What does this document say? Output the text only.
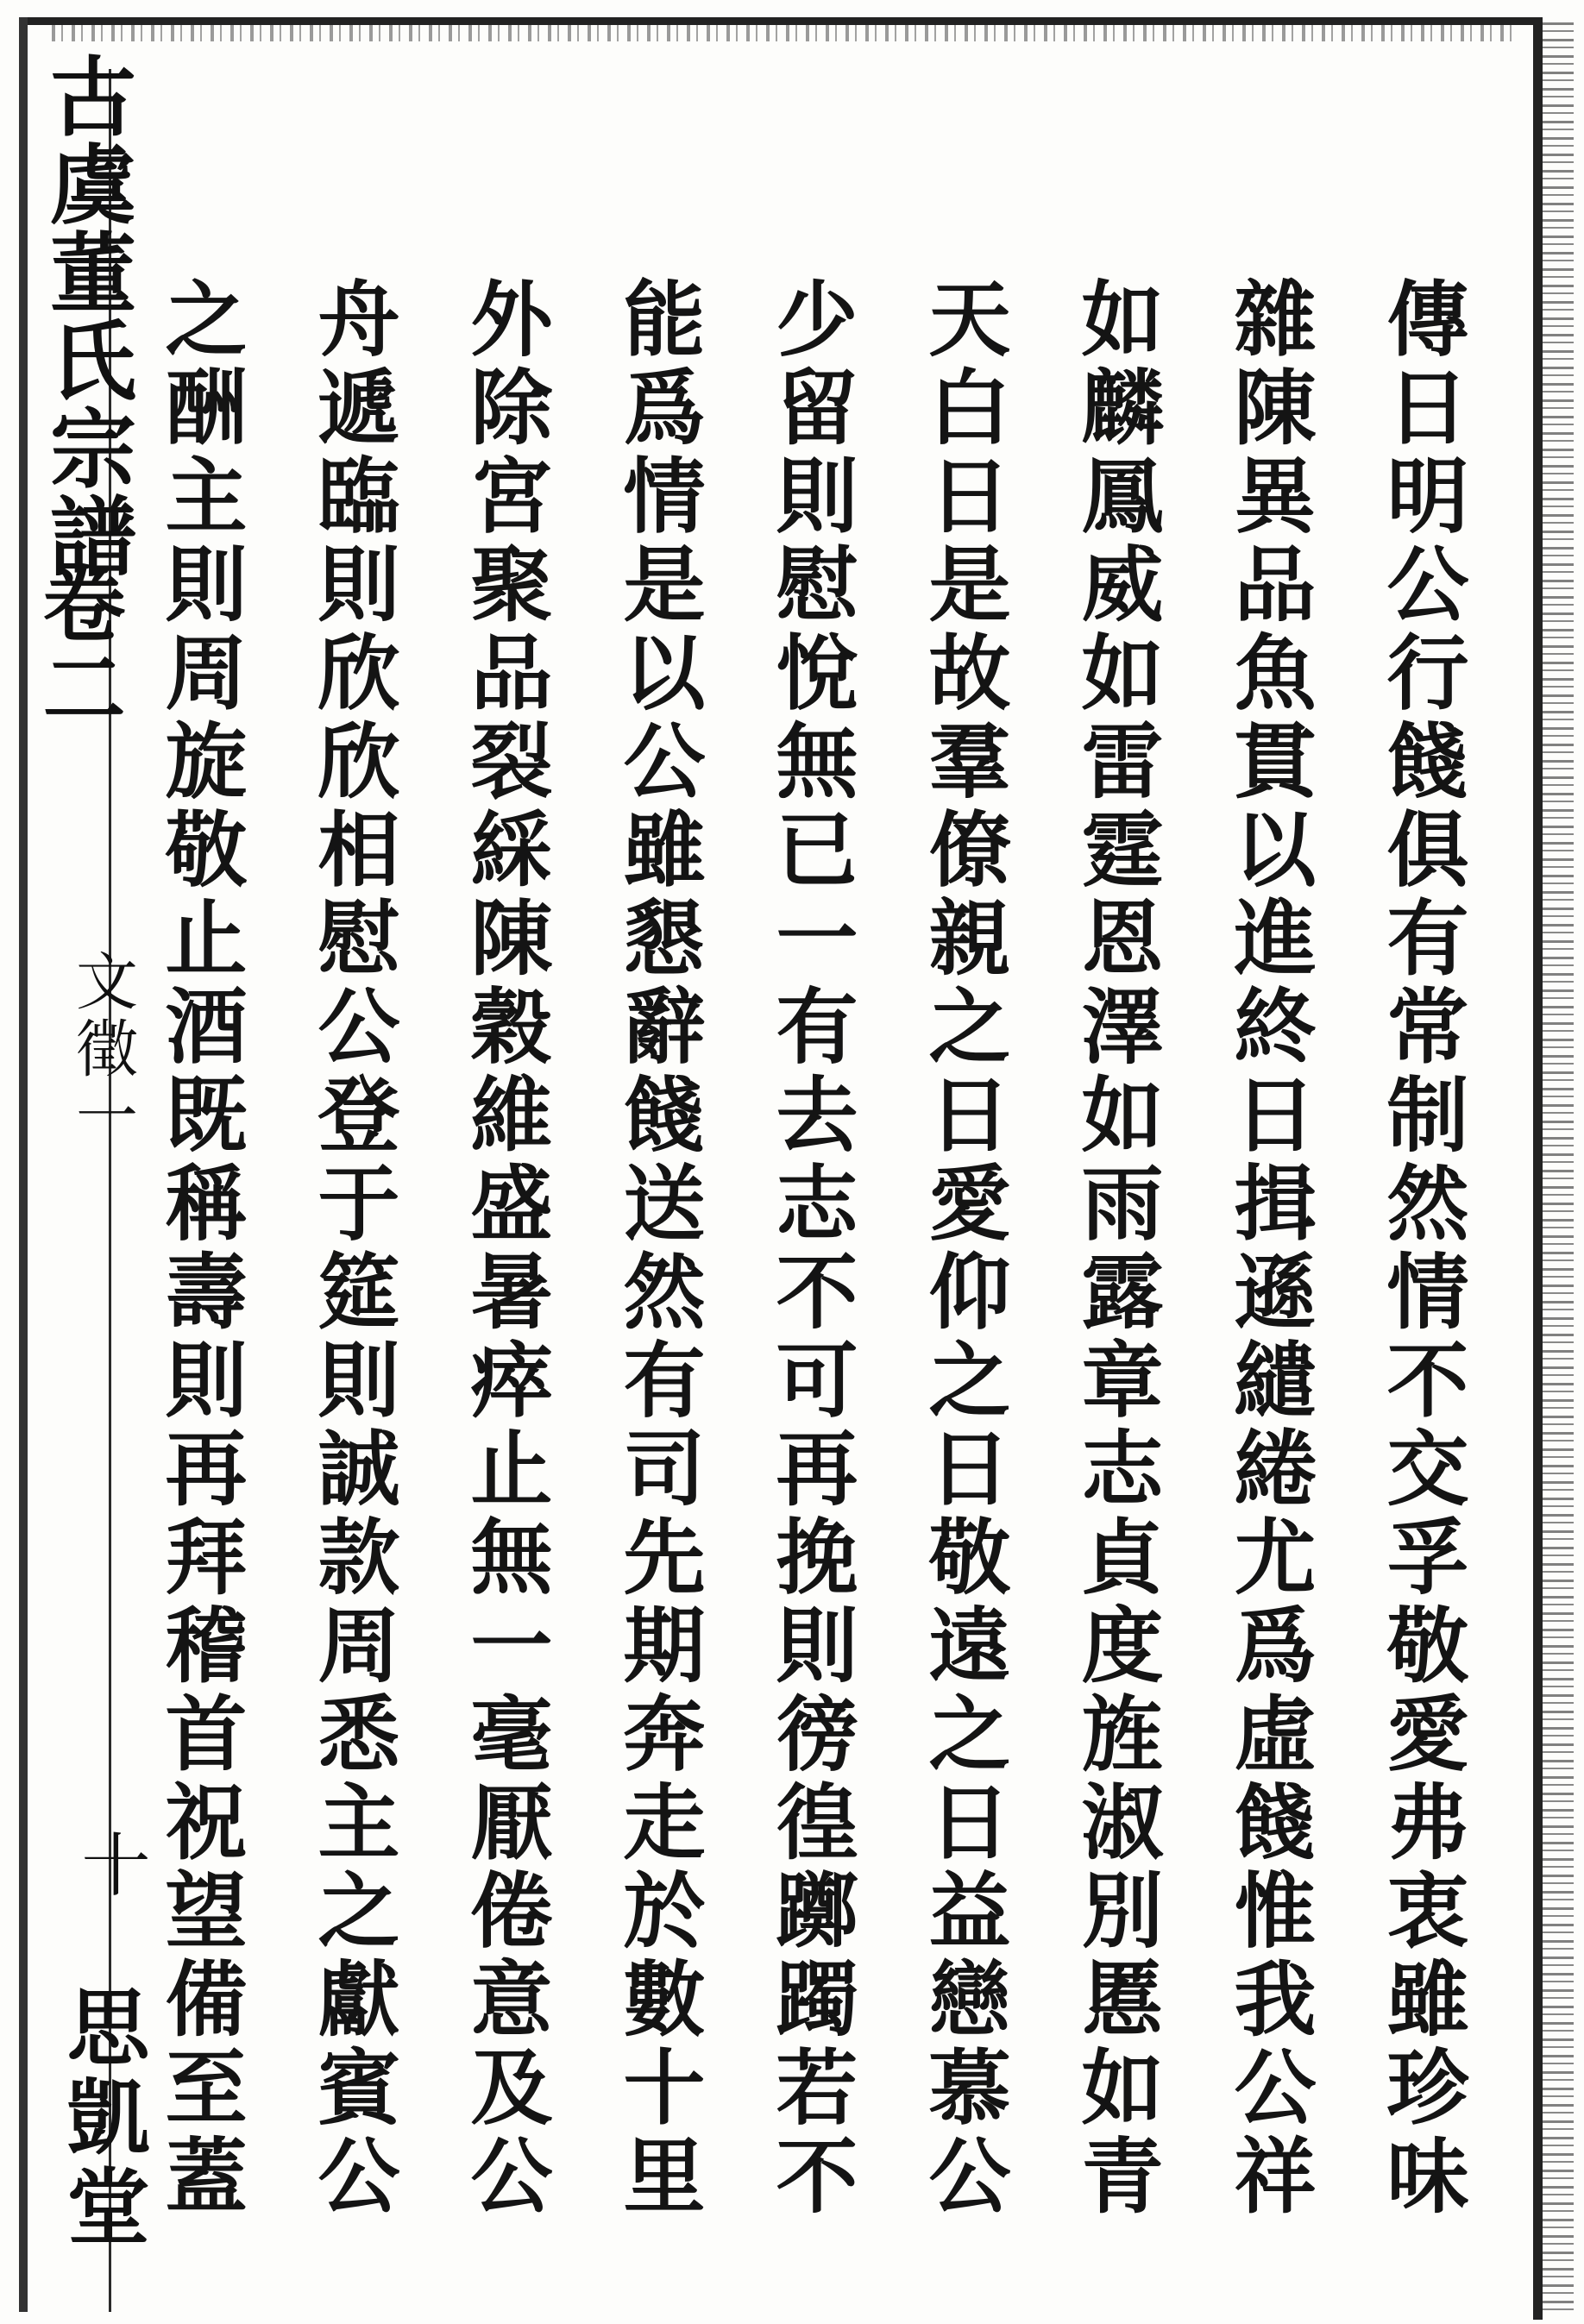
古虞董氏宗譜
卷二
文徵一
十
思凱堂	傳日明公行餞俱有常制然情不交孚敬愛弗衷雖珍味
雜陳異品魚貫以進終日揖遜繾綣尤爲虛餞惟我公祥
如麟鳳威如雷霆恩澤如雨露章志貞度旌淑別慝如青
天白日是故羣僚親之日愛仰之日敬遠之日益戀慕公
少留則慰悅無已一有去志不可再挽則徬徨躑躅若不
能爲情是以公雖懇辭餞送然有司先期奔走於數十里
外除宮聚品裂綵陳穀維盛暑瘁止無一毫厭倦意及公
舟遞臨則欣欣相慰公登于筵則誠款周悉主之獻賓公
之酬主則周旋敬止酒既稱壽則再拜稽首祝望備至蓋
